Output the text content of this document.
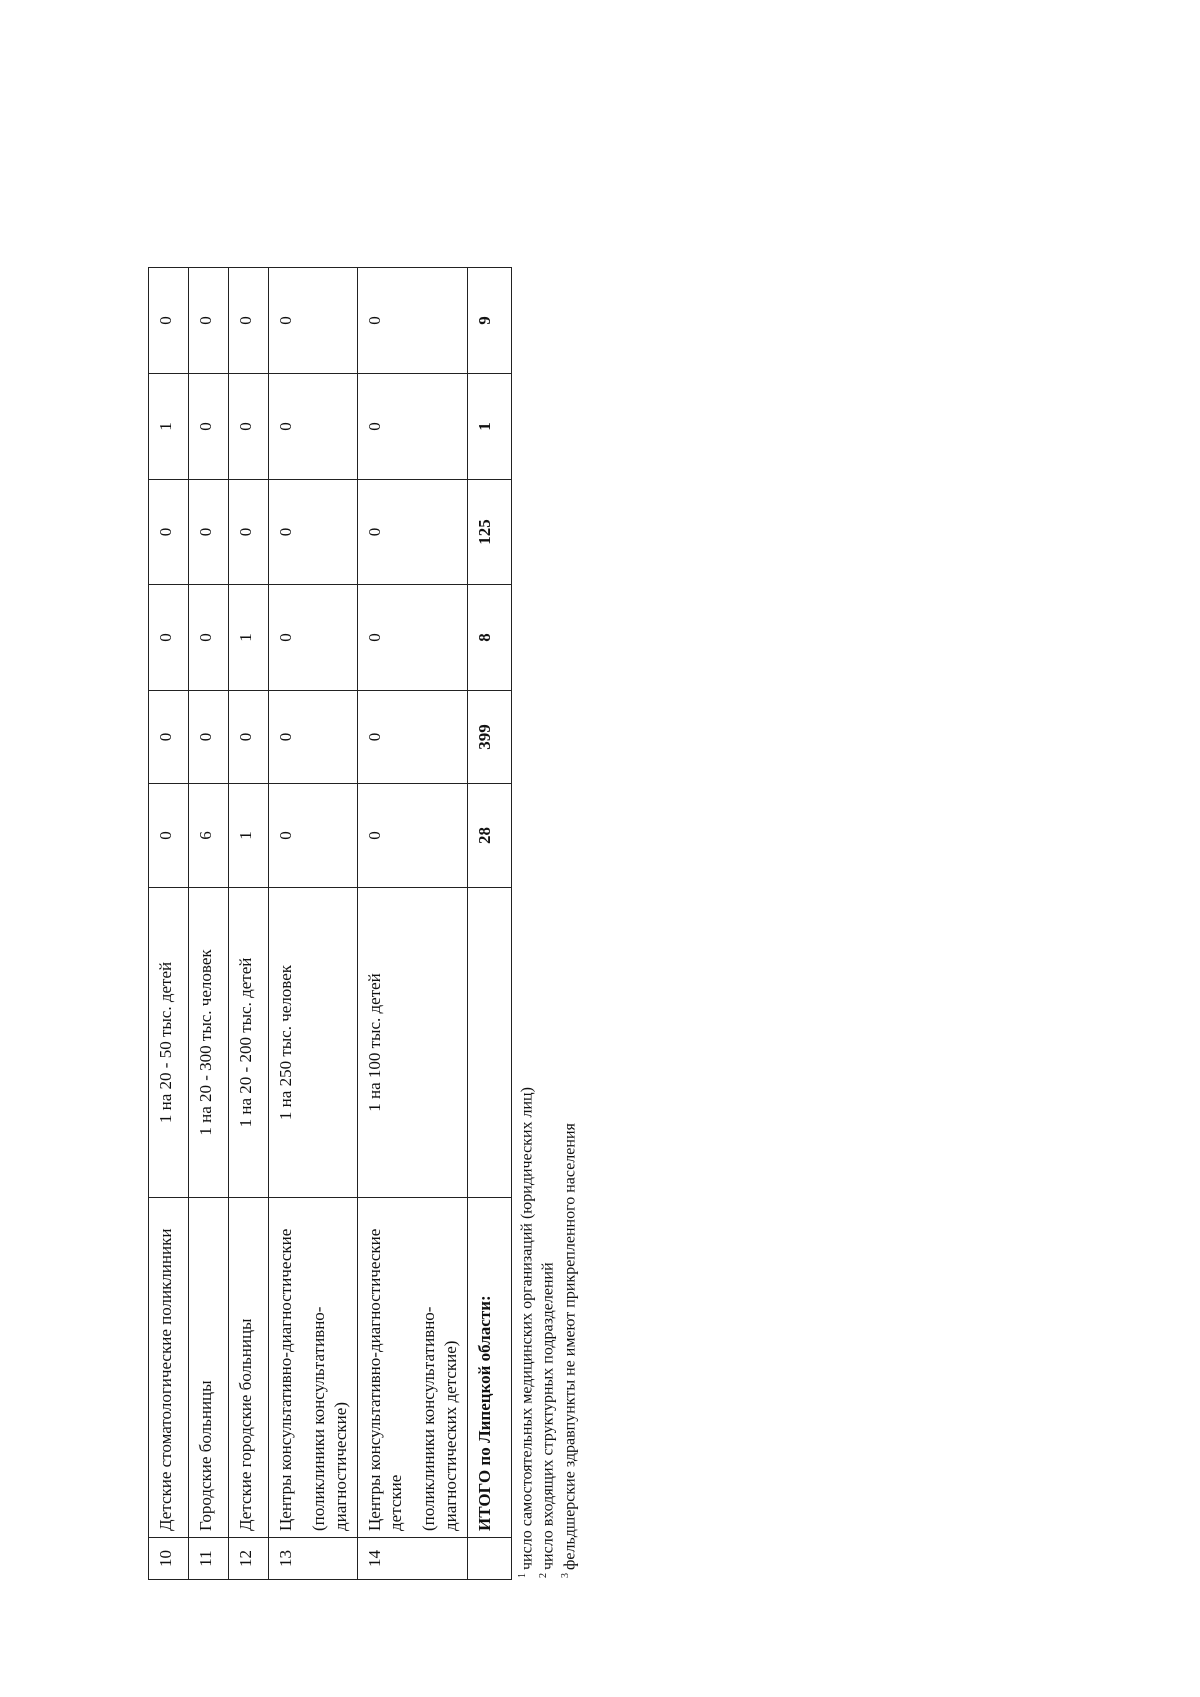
10	Детские стоматологические поликлиники	1 на 20 - 50 тыс. детей	0	0	0	0	1	0
11	Городские больницы	1 на 20 - 300 тыс. человек	6	0	0	0	0	0
12	Детские городские больницы	1 на 20 - 200 тыс. детей	1	0	1	0	0	0
13	Центры консультативно-диагностические (поликлиники консультативно-диагностические)	1 на 250 тыс. человек	0	0	0	0	0	0
14	Центры консультативно-диагностические детские (поликлиники консультативно-диагностических детские)	1 на 100 тыс. детей	0	0	0	0	0	0
	ИТОГО по Липецкой области:		28	399	8	125	1	9
$^1$число самостоятельных медицинских организаций (юридических лиц)
$^2$число входящих структурных подразделений
$^3$фельдшерские здравпункты не имеют прикрепленного населения
